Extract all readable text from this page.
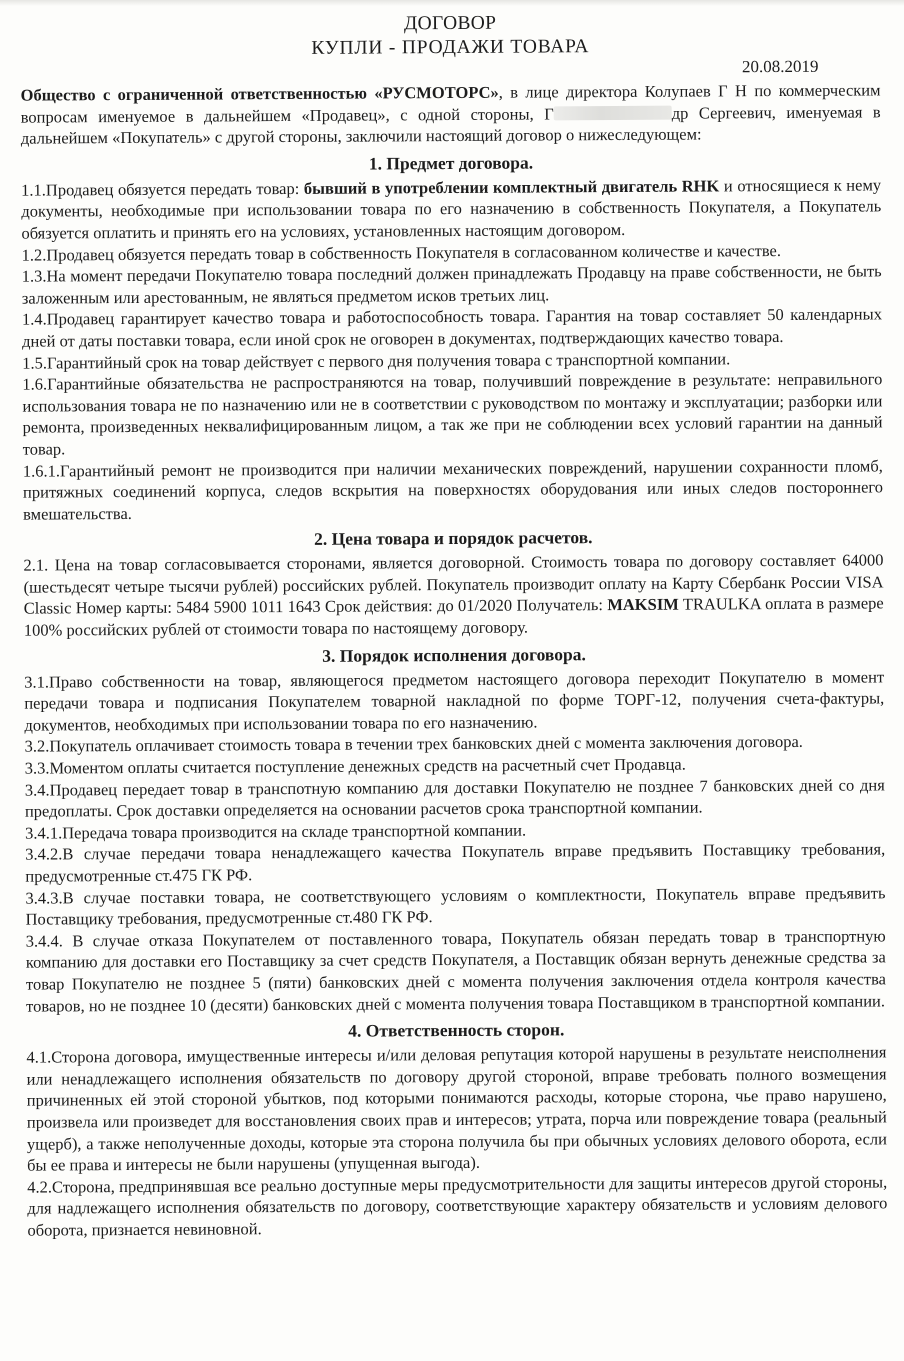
ДОГОВОР
КУПЛИ - ПРОДАЖИ ТОВАРА
20.08.2019

Общество с ограниченной ответственностью «РУСМОТОРС», в лице директора Колупаев Г Н по коммерческим вопросам именуемое в дальнейшем «Продавец», с одной стороны, Г	др Сергеевич, именуемая в дальнейшем «Покупатель» с другой стороны, заключили настоящий договор о нижеследующем:

1. Предмет договора.

1.1.Продавец обязуется передать товар: бывший в употреблении комплектный двигатель RHK и относящиеся к нему документы, необходимые при использовании товара по его назначению в собственность Покупателя, а Покупатель обязуется оплатить и принять его на условиях, установленных настоящим договором.

1.2.Продавец обязуется передать товар в собственность Покупателя в согласованном количестве и качестве.

1.3.На момент передачи Покупателю товара последний должен принадлежать Продавцу на праве собственности, не быть заложенным или арестованным, не являться предметом исков третьих лиц.

1.4.Продавец гарантирует качество товара и работоспособность товара. Гарантия на товар составляет 50 календарных дней от даты поставки товара, если иной срок не оговорен в документах, подтверждающих качество товара.

1.5.Гарантийный срок на товар действует с первого дня получения товара с транспортной компании.

1.6.Гарантийные обязательства не распространяются на товар, получивший повреждение в результате: неправильного использования товара не по назначению или не в соответствии с руководством по монтажу и эксплуатации; разборки или ремонта, произведенных неквалифицированным лицом, а так же при не соблюдении всех условий гарантии на данный товар.

1.6.1.Гарантийный ремонт не производится при наличии механических повреждений, нарушении сохранности пломб, притяжных соединений корпуса, следов вскрытия на поверхностях оборудования или иных следов постороннего вмешательства.

2. Цена товара и порядок расчетов.

2.1. Цена на товар согласовывается сторонами, является договорной. Стоимость товара по договору составляет 64000 (шестьдесят четыре тысячи рублей) российских рублей. Покупатель производит оплату на Карту Сбербанк России VISA Classic Номер карты: 5484 5900 1011 1643 Срок действия: до 01/2020 Получатель: MAKSIM TRAULKA оплата в размере 100% российских рублей от стоимости товара по настоящему договору.

3. Порядок исполнения договора.

3.1.Право собственности на товар, являющегося предметом настоящего договора переходит Покупателю в момент передачи товара и подписания Покупателем товарной накладной по форме ТОРГ-12, получения счета-фактуры, документов, необходимых при использовании товара по его назначению.

3.2.Покупатель оплачивает стоимость товара в течении трех банковских дней с момента заключения договора.

3.3.Моментом оплаты считается поступление денежных средств на расчетный счет Продавца.

3.4.Продавец передает товар в транспотную компанию для доставки Покупателю не позднее 7 банковских дней со дня предоплаты. Срок доставки определяется на основании расчетов срока транспортной компании.

3.4.1.Передача товара производится на складе транспортной компании.

3.4.2.В случае передачи товара ненадлежащего качества Покупатель вправе предъявить Поставщику требования, предусмотренные ст.475 ГК РФ.

3.4.3.В случае поставки товара, не соответствующего условиям о комплектности, Покупатель вправе предъявить Поставщику требования, предусмотренные ст.480 ГК РФ.

3.4.4. В случае отказа Покупателем от поставленного товара, Покупатель обязан передать товар в транспортную компанию для доставки его Поставщику за счет средств Покупателя, а Поставщик обязан вернуть денежные средства за товар Покупателю не позднее 5 (пяти) банковских дней с момента получения заключения отдела контроля качества товаров, но не позднее 10 (десяти) банковских дней с момента получения товара Поставщиком в транспортной компании.

4. Ответственность сторон.

4.1.Сторона договора, имущественные интересы и/или деловая репутация которой нарушены в результате неисполнения или ненадлежащего исполнения обязательств по договору другой стороной, вправе требовать полного возмещения причиненных ей этой стороной убытков, под которыми понимаются расходы, которые сторона, чье право нарушено, произвела или произведет для восстановления своих прав и интересов; утрата, порча или повреждение товара (реальный ущерб), а также неполученные доходы, которые эта сторона получила бы при обычных условиях делового оборота, если бы ее права и интересы не были нарушены (упущенная выгода).

4.2.Сторона, предпринявшая все реально доступные меры предусмотрительности для защиты интересов другой стороны, для надлежащего исполнения обязательств по договору, соответствующие характеру обязательств и условиям делового оборота, признается невиновной.
